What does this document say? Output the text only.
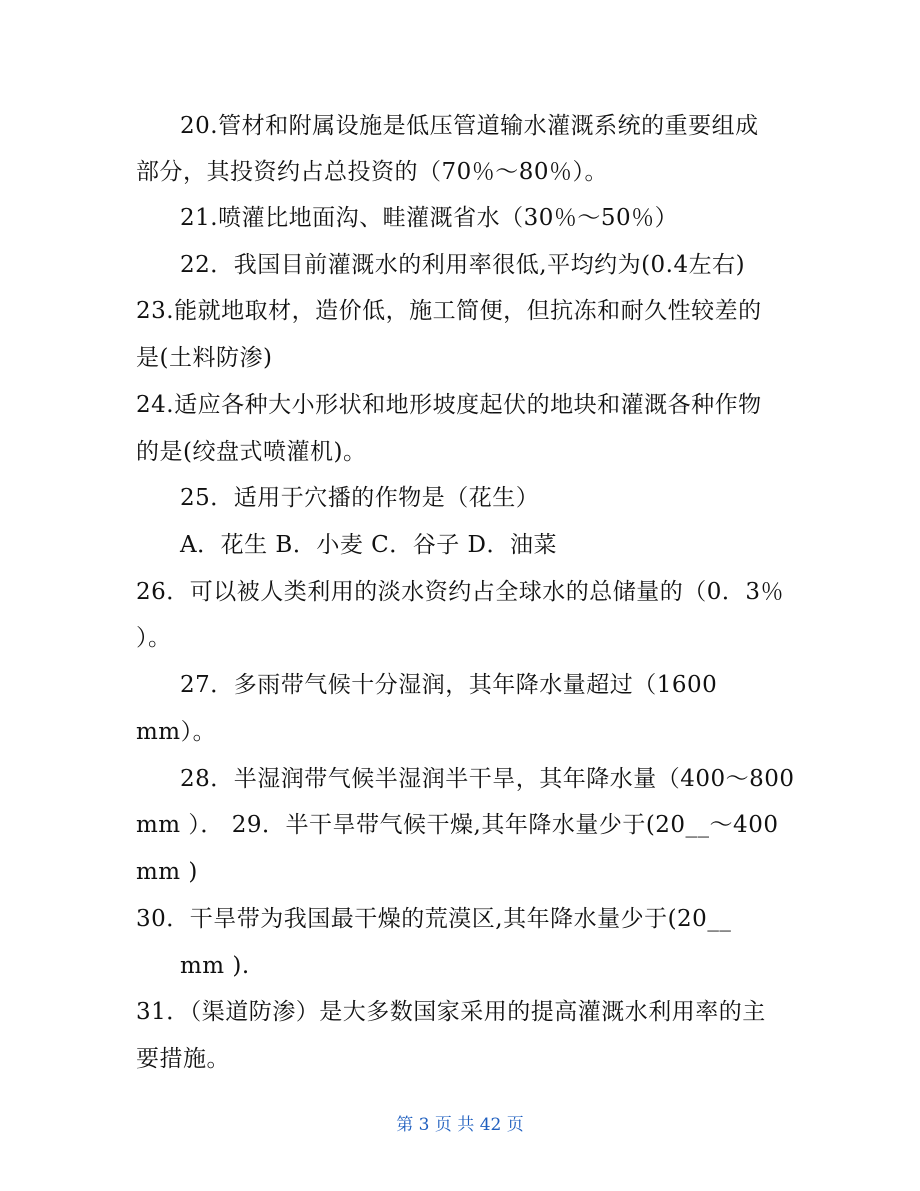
20.管材和附属设施是低压管道输水灌溉系统的重要组成
部分，其投资约占总投资的（70％～80％）。
21.喷灌比地面沟、畦灌溉省水（30％～50％）
22．我国目前灌溉水的利用率很低,平均约为(0.4左右)
23.能就地取材，造价低，施工简便，但抗冻和耐久性较差的
是(土料防渗)
24.适应各种大小形状和地形坡度起伏的地块和灌溉各种作物
的是(绞盘式喷灌机)。
25．适用于穴播的作物是（花生）
A．花生 B．小麦 C．谷子 D．油菜
26．可以被人类利用的淡水资约占全球水的总储量的（0．3％
）。
27．多雨带气候十分湿润，其年降水量超过（1600
mm）。
28．半湿润带气候半湿润半干旱，其年降水量（400～800
mm ）． 29．半干旱带气候干燥,其年降水量少于(20__～400
mm )
30．干旱带为我国最干燥的荒漠区,其年降水量少于(20__
mm ).
31．（渠道防渗）是大多数国家采用的提高灌溉水利用率的主
要措施。
第 3 页 共 42 页
